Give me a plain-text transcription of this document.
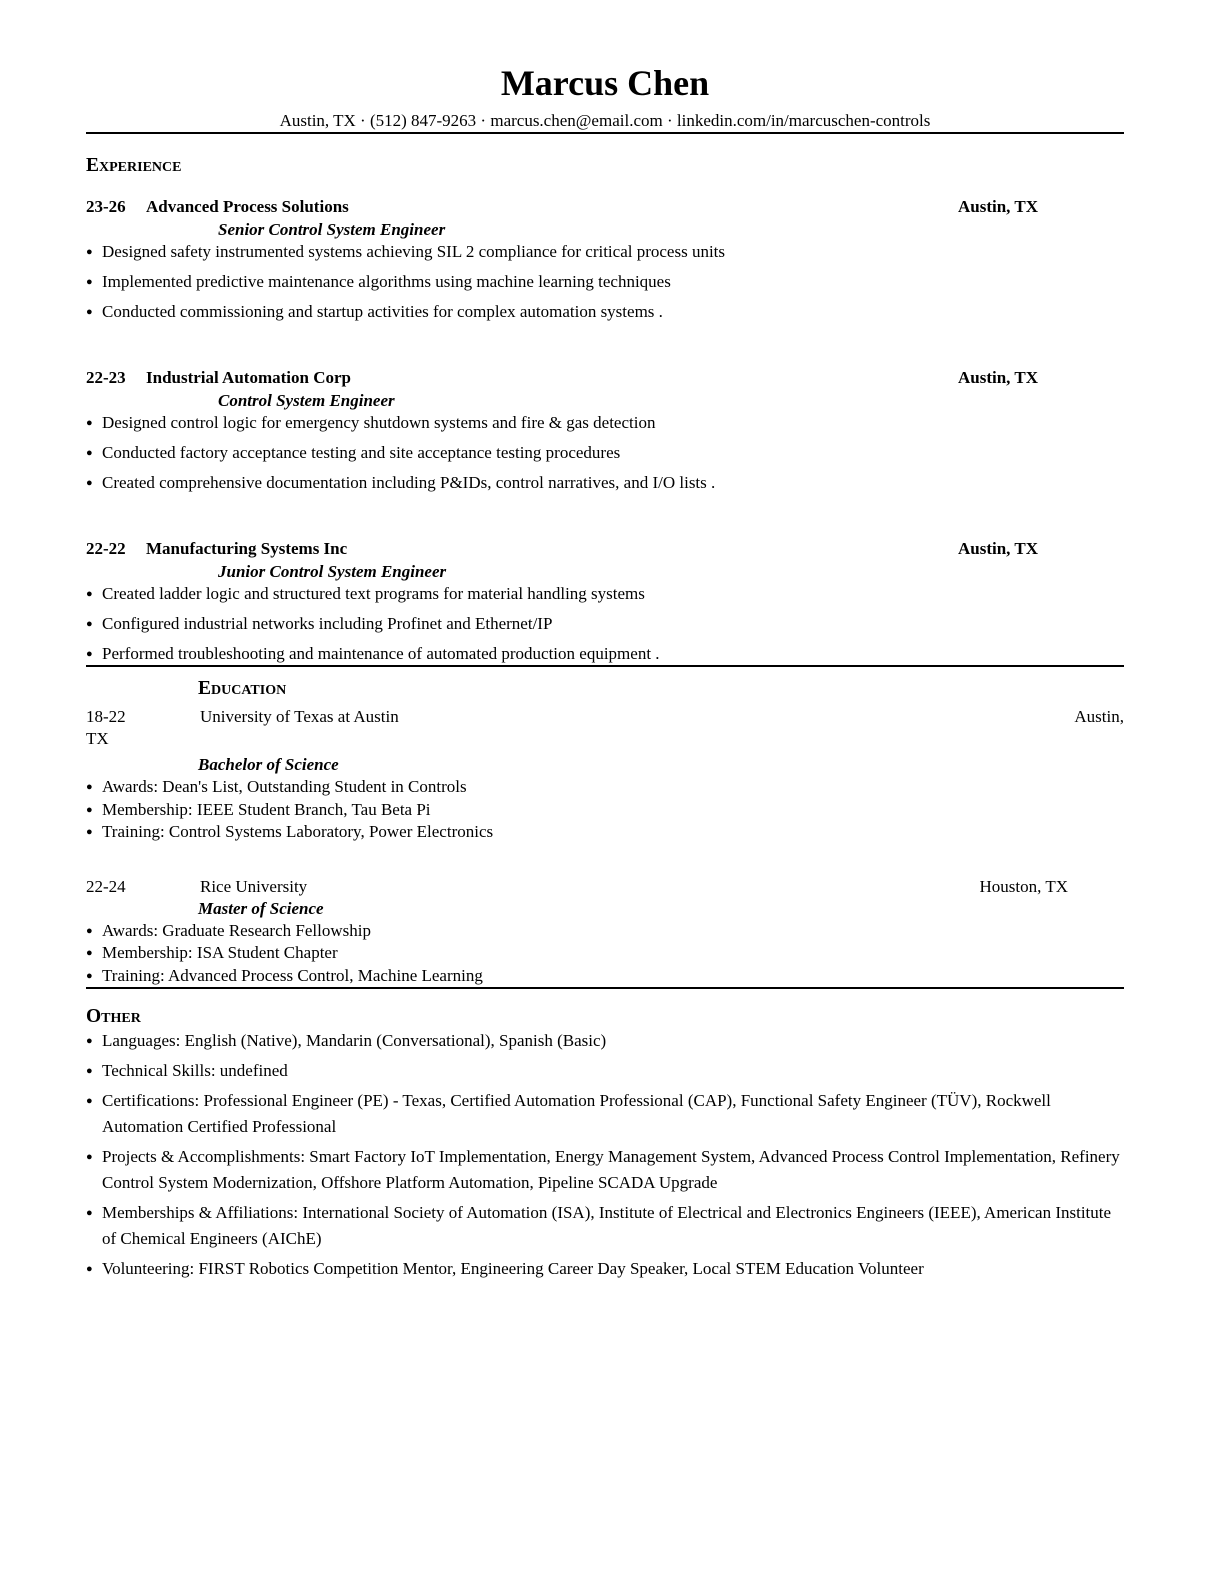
Marcus Chen
Austin, TX · (512) 847-9263 · marcus.chen@email.com · linkedin.com/in/marcuschen-controls
Experience
23-26	Advanced Process Solutions	Austin, TX
Senior Control System Engineer
● Designed safety instrumented systems achieving SIL 2 compliance for critical process units
● Implemented predictive maintenance algorithms using machine learning techniques
● Conducted commissioning and startup activities for complex automation systems .
22-23	Industrial Automation Corp	Austin, TX
Control System Engineer
● Designed control logic for emergency shutdown systems and fire & gas detection
● Conducted factory acceptance testing and site acceptance testing procedures
● Created comprehensive documentation including P&IDs, control narratives, and I/O lists .
22-22	Manufacturing Systems Inc	Austin, TX
Junior Control System Engineer
● Created ladder logic and structured text programs for material handling systems
● Configured industrial networks including Profinet and Ethernet/IP
● Performed troubleshooting and maintenance of automated production equipment .
Education
18-22	University of Texas at Austin	Austin,
TX
Bachelor of Science
● Awards: Dean's List, Outstanding Student in Controls
● Membership: IEEE Student Branch, Tau Beta Pi
● Training: Control Systems Laboratory, Power Electronics
22-24	Rice University	Houston, TX
Master of Science
● Awards: Graduate Research Fellowship
● Membership: ISA Student Chapter
● Training: Advanced Process Control, Machine Learning
Other
● Languages: English (Native), Mandarin (Conversational), Spanish (Basic)
● Technical Skills: undefined
● Certifications: Professional Engineer (PE) - Texas, Certified Automation Professional (CAP), Functional Safety Engineer (TÜV), Rockwell Automation Certified Professional
● Projects & Accomplishments: Smart Factory IoT Implementation, Energy Management System, Advanced Process Control Implementation, Refinery Control System Modernization, Offshore Platform Automation, Pipeline SCADA Upgrade
● Memberships & Affiliations: International Society of Automation (ISA), Institute of Electrical and Electronics Engineers (IEEE), American Institute of Chemical Engineers (AIChE)
● Volunteering: FIRST Robotics Competition Mentor, Engineering Career Day Speaker, Local STEM Education Volunteer
